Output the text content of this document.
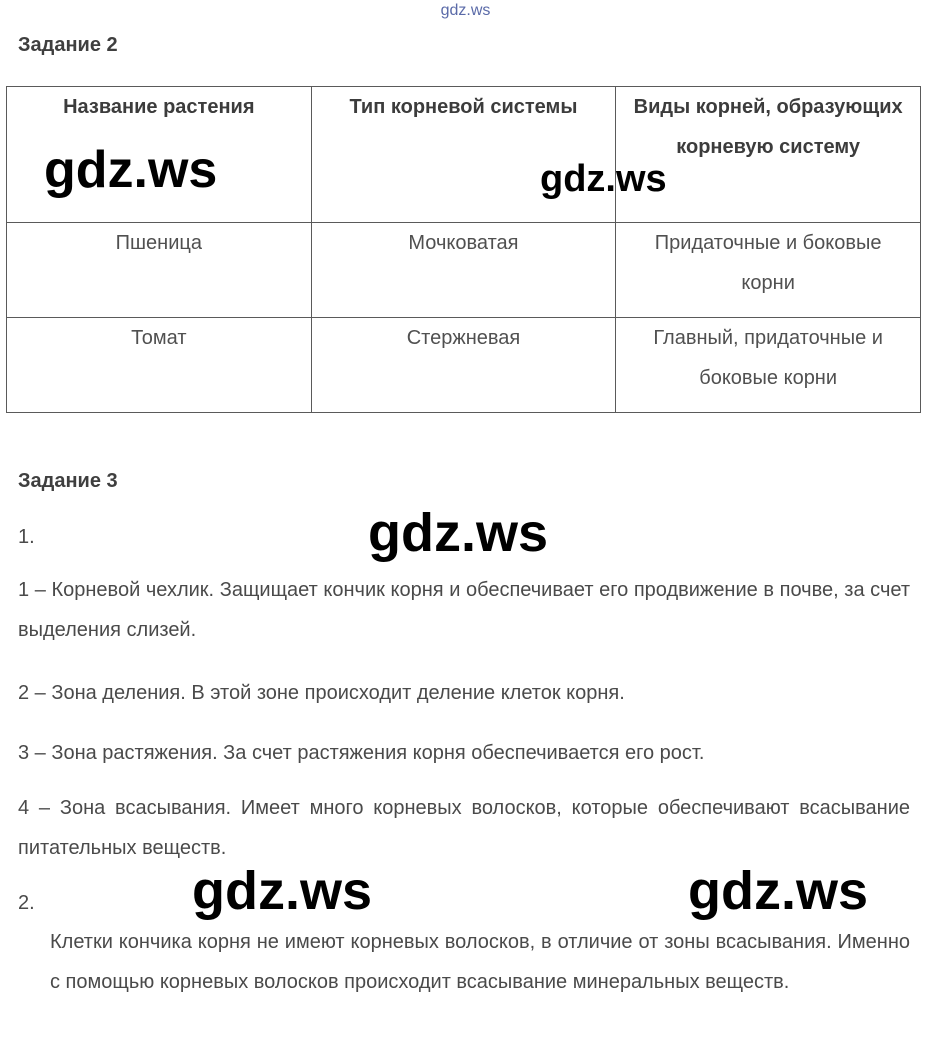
gdz.ws
Задание 2
Название растения	Тип корневой системы	Виды корней, образующих корневую систему
Пшеница	Мочковатая	Придаточные и боковые корни
Томат	Стержневая	Главный, придаточные и боковые корни
gdz.ws	gdz.ws
Задание 3
gdz.ws
1.

1 – Корневой чехлик. Защищает кончик корня и обеспечивает его продвижение в почве, за счет выделения слизей.

2 – Зона деления. В этой зоне происходит деление клеток корня.

3 – Зона растяжения. За счет растяжения корня обеспечивается его рост.

4 – Зона всасывания. Имеет много корневых волосков, которые обеспечивают всасывание питательных веществ.

gdz.ws	gdz.ws
2.

Клетки кончика корня не имеют корневых волосков, в отличие от зоны всасывания. Именно с помощью корневых волосков происходит всасывание минеральных веществ.
